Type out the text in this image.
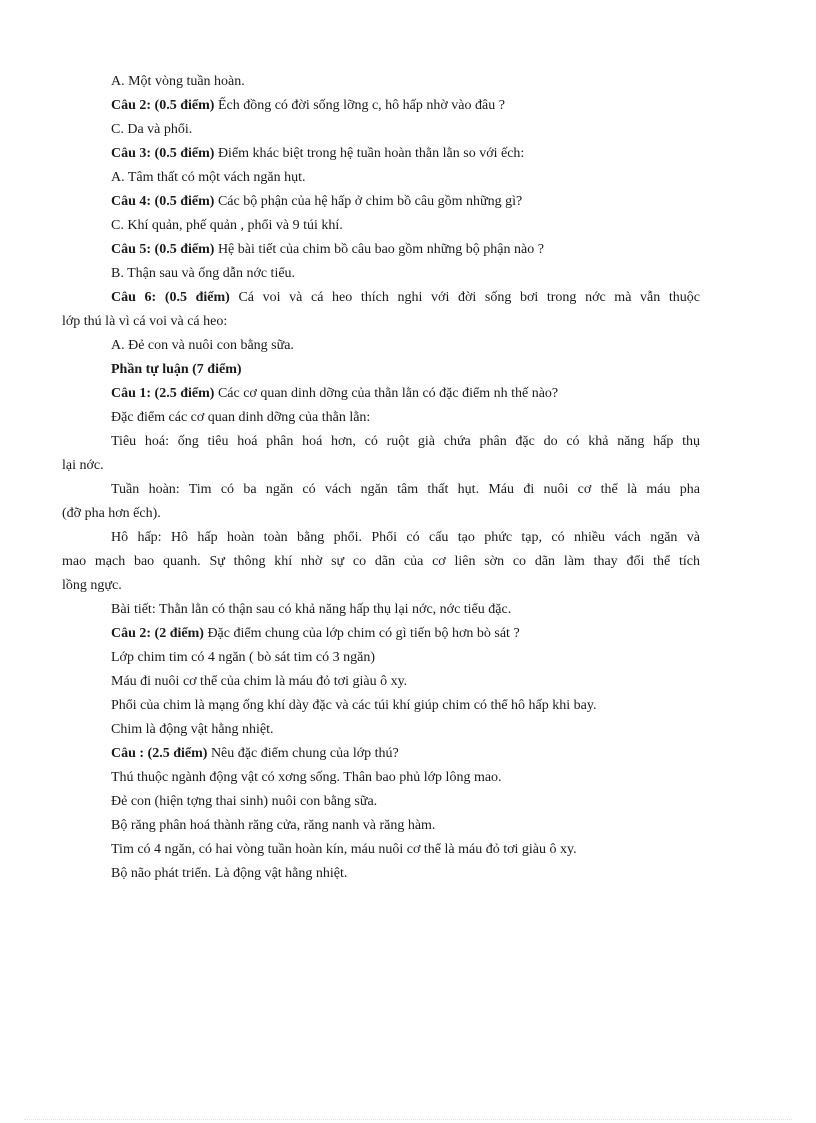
A. Một vòng tuần hoàn.
Câu 2: (0.5 điểm) Ếch đồng có đời sống lỡng c, hô hấp nhờ vào đâu ?
C. Da và phổi.
Câu 3: (0.5 điểm) Điểm khác biệt trong hệ tuần hoàn thằn lằn so với ếch:
A. Tâm thất có một vách ngăn hụt.
Câu 4: (0.5 điểm) Các bộ phận của hệ hấp ở chim bồ câu gồm những gì?
C. Khí quản, phế quản , phổi và 9 túi khí.
Câu 5: (0.5 điểm) Hệ bài tiết của chim bồ câu bao gồm những bộ phận nào ?
B. Thận sau và ống dẫn nớc tiểu.
Câu 6: (0.5 điểm) Cá voi và cá heo thích nghi với đời sống bơi trong nớc mà vẫn thuộc
lớp thú là vì cá voi và cá heo:
A. Đẻ con và nuôi con bằng sữa.
Phần tự luận (7 điểm)
Câu 1: (2.5 điểm) Các cơ quan dinh dỡng của thằn lằn có đặc điểm nh thế nào?
Đặc điểm các cơ quan dinh dỡng của thằn lằn:
Tiêu hoá: ống tiêu hoá phân hoá hơn, có ruột già chứa phân đặc do có khả năng hấp thụ
lại nớc.
Tuần hoàn: Tim có ba ngăn có vách ngăn tâm thất hụt. Máu đi nuôi cơ thể là máu pha
(đỡ pha hơn ếch).
Hô hấp: Hô hấp hoàn toàn bằng phổi. Phổi có cấu tạo phức tạp, có nhiều vách ngăn và
mao mạch bao quanh. Sự thông khí nhờ sự co dãn của cơ liên sờn co dãn làm thay đổi thể tích
lồng ngực.
Bài tiết: Thằn lằn có thận sau có khả năng hấp thụ lại nớc, nớc tiểu đặc.
Câu 2: (2 điểm) Đặc điểm chung của lớp chim có gì tiến bộ hơn bò sát ?
Lớp chim tim có 4 ngăn ( bò sát tim có 3 ngăn)
Máu đi nuôi cơ thể của chim là máu đỏ tơi giàu ô xy.
Phổi của chim là mạng ống khí dày đặc và các túi khí giúp chim có thể hô hấp khi bay.
Chim là động vật hằng nhiệt.
Câu : (2.5 điểm) Nêu đặc điểm chung của lớp thú?
Thú thuộc ngành động vật có xơng sống. Thân bao phủ lớp lông mao.
Đẻ con (hiện tợng thai sinh) nuôi con bằng sữa.
Bộ răng phân hoá thành răng cửa, răng nanh và răng hàm.
Tim có 4 ngăn, có hai vòng tuần hoàn kín, máu nuôi cơ thể là máu đỏ tơi giàu ô xy.
Bộ não phát triển. Là động vật hằng nhiệt.
